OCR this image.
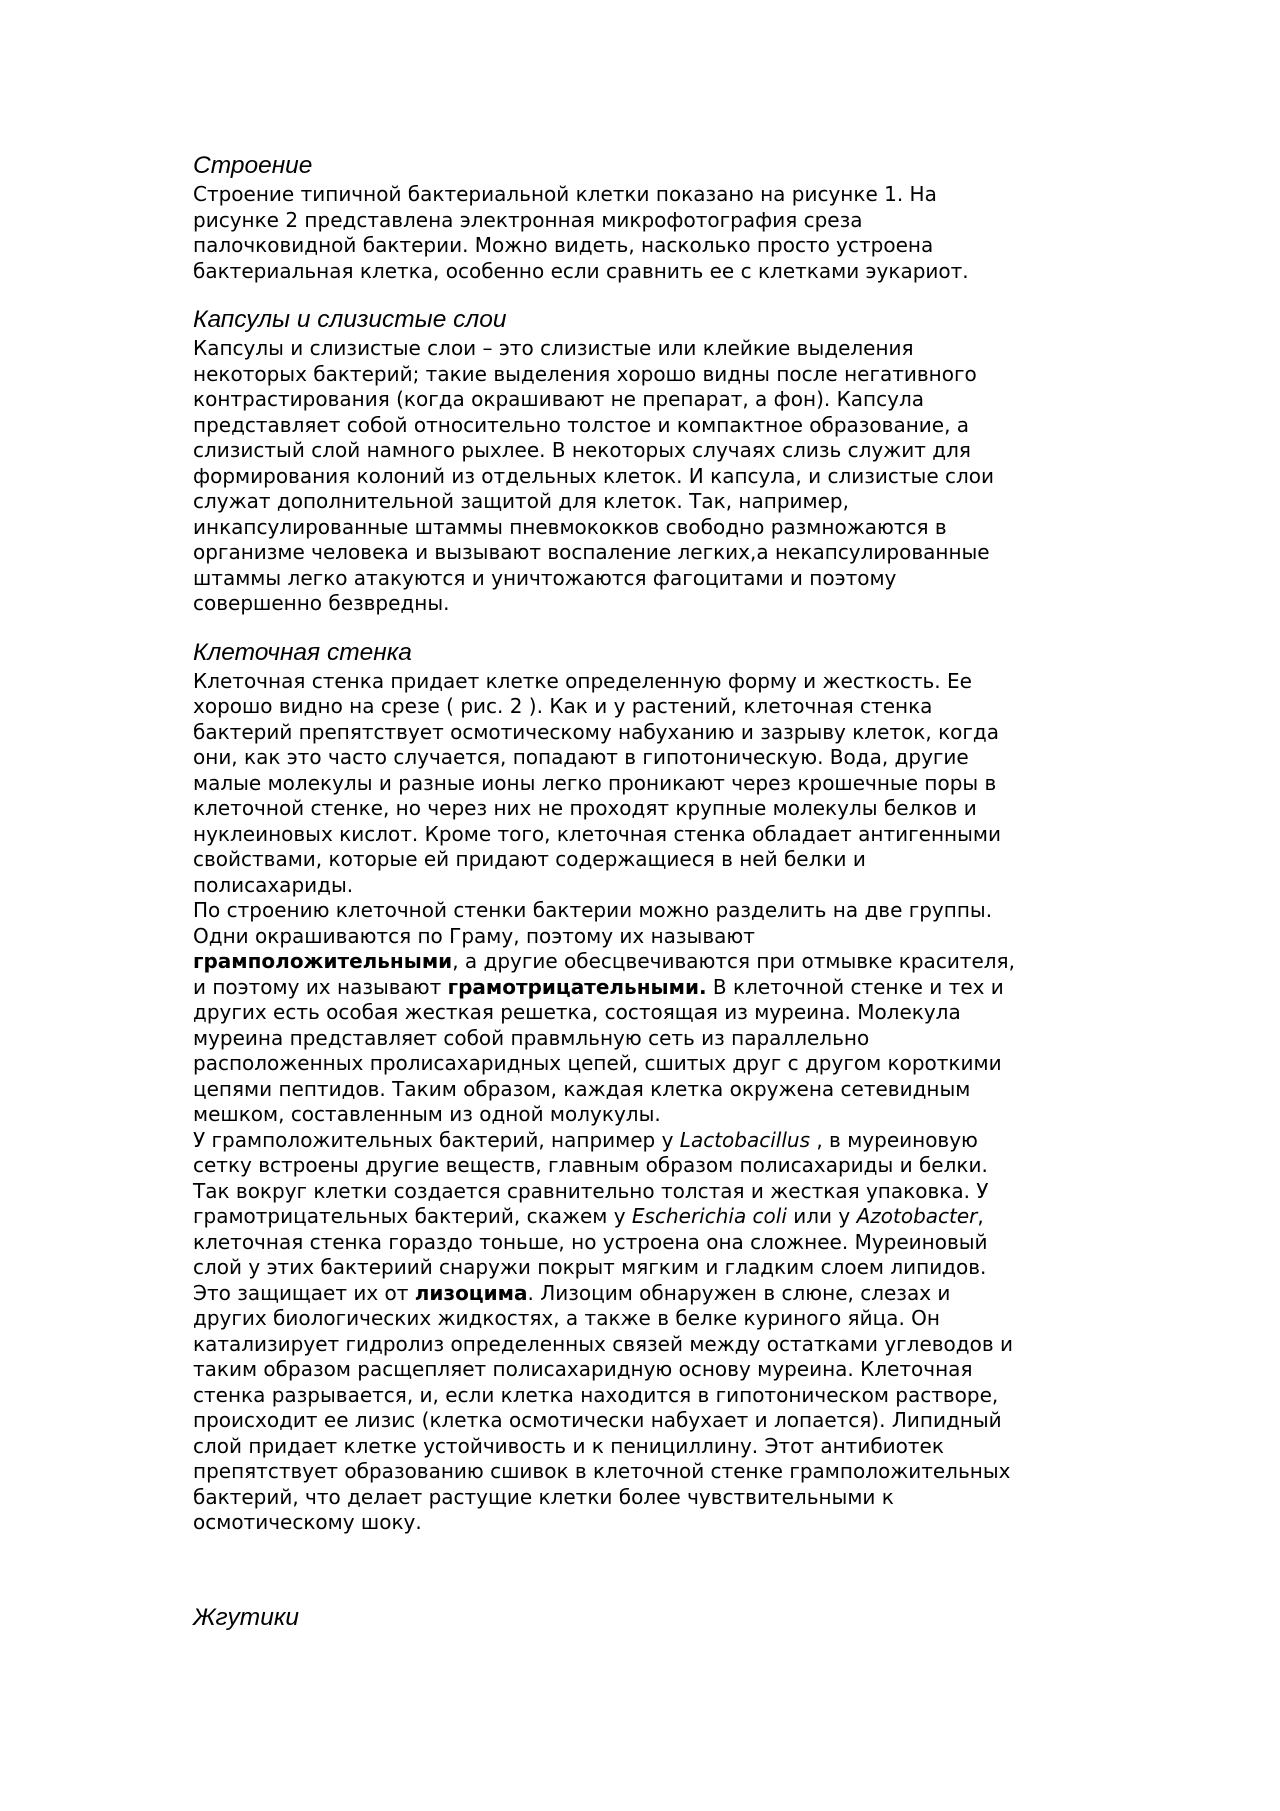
Строение

Строение типичной бактериальной клетки показано на рисунке 1. На
рисунке 2 представлена электронная микрофотография среза
палочковидной бактерии. Можно видеть, насколько просто устроена
бактериальная клетка, особенно если сравнить ее с клетками эукариот.

Капсулы и слизистые слои

Капсулы и слизистые слои – это слизистые или клейкие выделения
некоторых бактерий; такие выделения хорошо видны после негативного
контрастирования (когда окрашивают не препарат, а фон). Капсула
представляет собой относительно толстое и компактное образование, а
слизистый слой намного рыхлее. В некоторых случаях слизь служит для
формирования колоний из отдельных клеток. И капсула, и слизистые слои
служат дополнительной защитой для клеток. Так, например,
инкапсулированные штаммы пневмококков свободно размножаются в
организме человека и вызывают воспаление легких,а некапсулированные
штаммы легко атакуются и уничтожаются фагоцитами и поэтому
совершенно безвредны.

Клеточная стенка

Клеточная стенка придает клетке определенную форму и жесткость. Ее
хорошо видно на срезе ( рис. 2 ). Как и у растений, клеточная стенка
бактерий препятствует осмотическому набуханию и зазрыву клеток, когда
они, как это часто случается, попадают в гипотоническую. Вода, другие
малые молекулы и разные ионы легко проникают через крошечные поры в
клеточной стенке, но через них не проходят крупные молекулы белков и
нуклеиновых кислот. Кроме того, клеточная стенка обладает антигенными
свойствами, которые ей придают содержащиеся в ней белки и
полисахариды.

По строению клеточной стенки бактерии можно разделить на две группы.
Одни окрашиваются по Граму, поэтому их называют
грамположительными, а другие обесцвечиваются при отмывке красителя,
и поэтому их называют грамотрицательными. В клеточной стенке и тех и
других есть особая жесткая решетка, состоящая из муреина. Молекула
муреина представляет собой правмльную сеть из параллельно
расположенных пролисахаридных цепей, сшитых друг с другом короткими
цепями пептидов. Таким образом, каждая клетка окружена сетевидным
мешком, составленным из одной молукулы.

У грамположительных бактерий, например у Lactobacillus , в муреиновую
сетку встроены другие веществ, главным образом полисахариды и белки.
Так вокруг клетки создается сравнительно толстая и жесткая упаковка. У
грамотрицательных бактерий, скажем у Escherichia coli или у Azotobacter,
клеточная стенка гораздо тоньше, но устроена она сложнее. Муреиновый
слой у этих бактериий снаружи покрыт мягким и гладким слоем липидов.
Это защищает их от лизоцима. Лизоцим обнаружен в слюне, слезах и
других биологических жидкостях, а также в белке куриного яйца. Он
катализирует гидролиз определенных связей между остатками углеводов и
таким образом расщепляет полисахаридную основу муреина. Клеточная
стенка разрывается, и, если клетка находится в гипотоническом растворе,
происходит ее лизис (клетка осмотически набухает и лопается). Липидный
слой придает клетке устойчивость и к пенициллину. Этот антибиотек
препятствует образованию сшивок в клеточной стенке грамположительных
бактерий, что делает растущие клетки более чувствительными к
осмотическому шоку.

Жгутики
